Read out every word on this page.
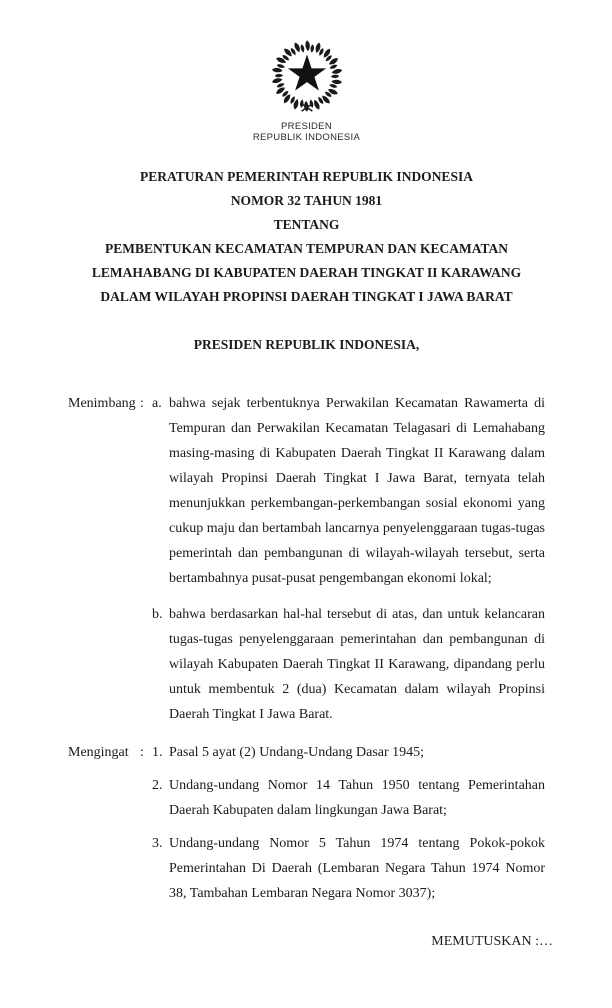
PRESIDEN
REPUBLIK INDONESIA
PERATURAN PEMERINTAH REPUBLIK INDONESIA
NOMOR 32 TAHUN 1981
TENTANG
PEMBENTUKAN KECAMATAN TEMPURAN DAN KECAMATAN
LEMAHABANG DI KABUPATEN DAERAH TINGKAT II KARAWANG
DALAM WILAYAH PROPINSI DAERAH TINGKAT I JAWA BARAT
PRESIDEN REPUBLIK INDONESIA,
Menimbang : a. bahwa sejak terbentuknya Perwakilan Kecamatan Rawamerta di Tempuran dan Perwakilan Kecamatan Telagasari di Lemahabang masing-masing di Kabupaten Daerah Tingkat II Karawang dalam wilayah Propinsi Daerah Tingkat I Jawa Barat, ternyata telah menunjukkan perkembangan-perkembangan sosial ekonomi yang cukup maju dan bertambah lancarnya penyelenggaraan tugas-tugas pemerintah dan pembangunan di wilayah-wilayah tersebut, serta bertambahnya pusat-pusat pengembangan ekonomi lokal;
b. bahwa berdasarkan hal-hal tersebut di atas, dan untuk kelancaran tugas-tugas penyelenggaraan pemerintahan dan pembangunan di wilayah Kabupaten Daerah Tingkat II Karawang, dipandang perlu untuk membentuk 2 (dua) Kecamatan dalam wilayah Propinsi Daerah Tingkat I Jawa Barat.
Mengingat : 1. Pasal 5 ayat (2) Undang-Undang Dasar 1945;
2. Undang-undang Nomor 14 Tahun 1950 tentang Pemerintahan Daerah Kabupaten dalam lingkungan Jawa Barat;
3. Undang-undang Nomor 5 Tahun 1974 tentang Pokok-pokok Pemerintahan Di Daerah (Lembaran Negara Tahun 1974 Nomor 38, Tambahan Lembaran Negara Nomor 3037);
MEMUTUSKAN :…
